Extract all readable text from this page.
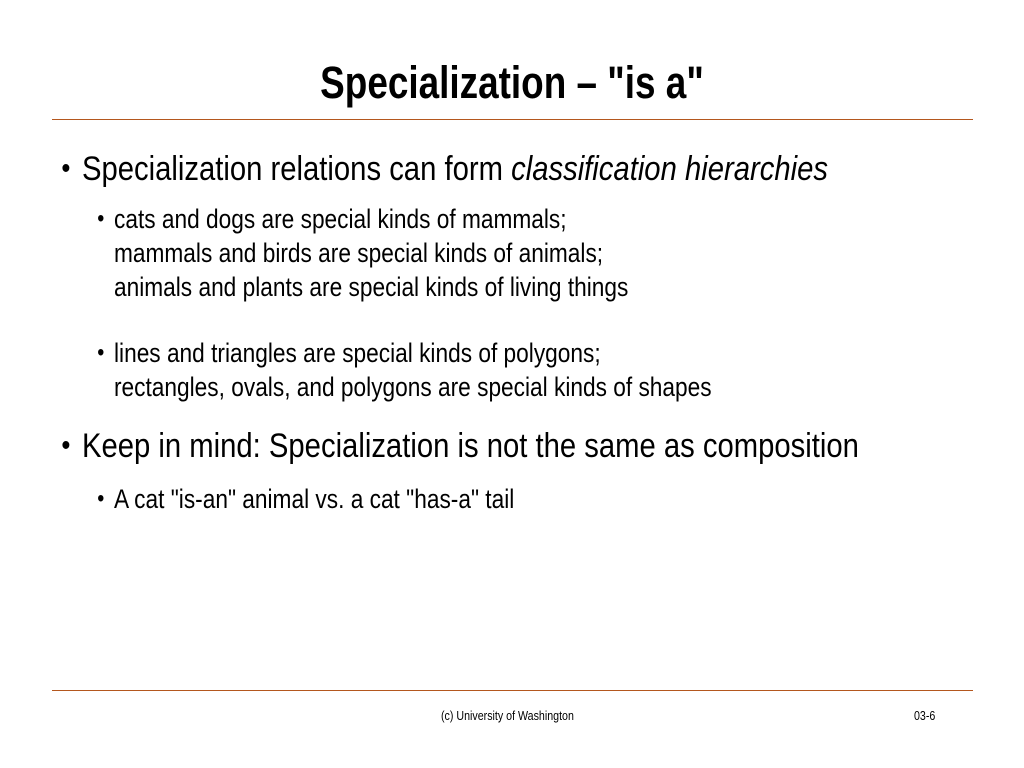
Specialization – "is a"
• Specialization relations can form classification hierarchies
• cats and dogs are special kinds of mammals;
mammals and birds are special kinds of animals;
animals and plants are special kinds of living things
• lines and triangles are special kinds of polygons;
rectangles, ovals, and polygons are special kinds of shapes
• Keep in mind: Specialization is not the same as composition
• A cat "is-an" animal vs. a cat "has-a" tail
(c) University of Washington	03-6
